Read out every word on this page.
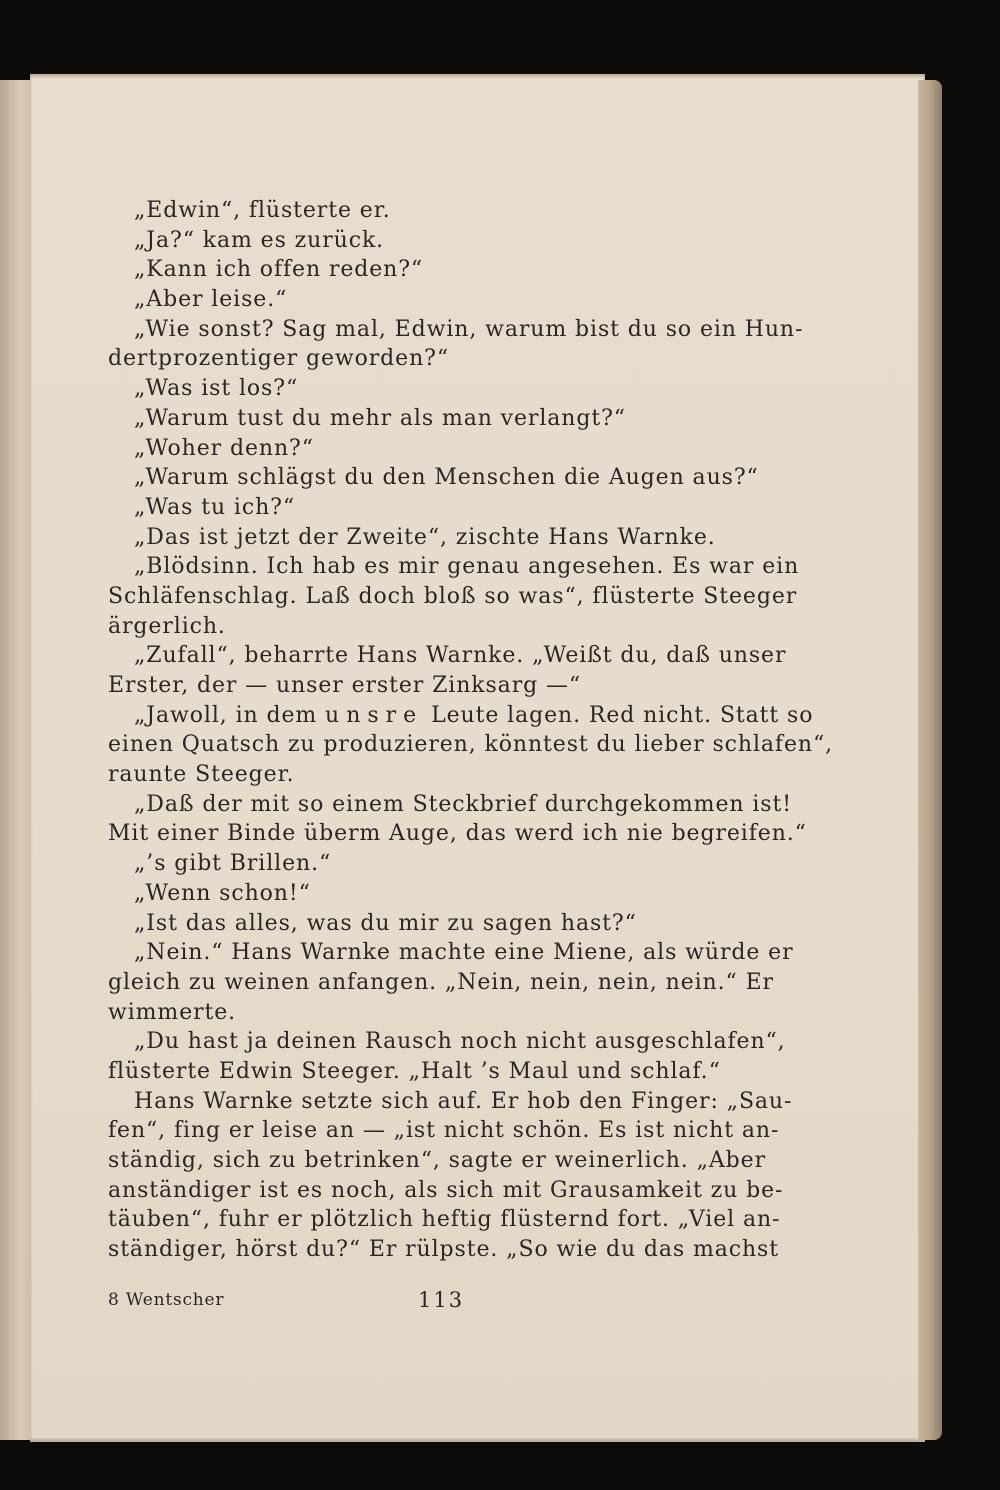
„Edwin“, flüsterte er.
„Ja?“ kam es zurück.
„Kann ich offen reden?“
„Aber leise.“
„Wie sonst? Sag mal, Edwin, warum bist du so ein Hun-
dertprozentiger geworden?“
„Was ist los?“
„Warum tust du mehr als man verlangt?“
„Woher denn?“
„Warum schlägst du den Menschen die Augen aus?“
„Was tu ich?“
„Das ist jetzt der Zweite“, zischte Hans Warnke.
„Blödsinn. Ich hab es mir genau angesehen. Es war ein
Schläfenschlag. Laß doch bloß so was“, flüsterte Steeger
ärgerlich.
„Zufall“, beharrte Hans Warnke. „Weißt du, daß unser
Erster, der — unser erster Zinksarg —“
„Jawoll, in dem unsre Leute lagen. Red nicht. Statt so
einen Quatsch zu produzieren, könntest du lieber schlafen“,
raunte Steeger.
„Daß der mit so einem Steckbrief durchgekommen ist!
Mit einer Binde überm Auge, das werd ich nie begreifen.“
„’s gibt Brillen.“
„Wenn schon!“
„Ist das alles, was du mir zu sagen hast?“
„Nein.“ Hans Warnke machte eine Miene, als würde er
gleich zu weinen anfangen. „Nein, nein, nein, nein.“ Er
wimmerte.
„Du hast ja deinen Rausch noch nicht ausgeschlafen“,
flüsterte Edwin Steeger. „Halt ’s Maul und schlaf.“
Hans Warnke setzte sich auf. Er hob den Finger: „Sau-
fen“, fing er leise an — „ist nicht schön. Es ist nicht an-
ständig, sich zu betrinken“, sagte er weinerlich. „Aber
anständiger ist es noch, als sich mit Grausamkeit zu be-
täuben“, fuhr er plötzlich heftig flüsternd fort. „Viel an-
ständiger, hörst du?“ Er rülpste. „So wie du das machst
8 Wentscher	113
